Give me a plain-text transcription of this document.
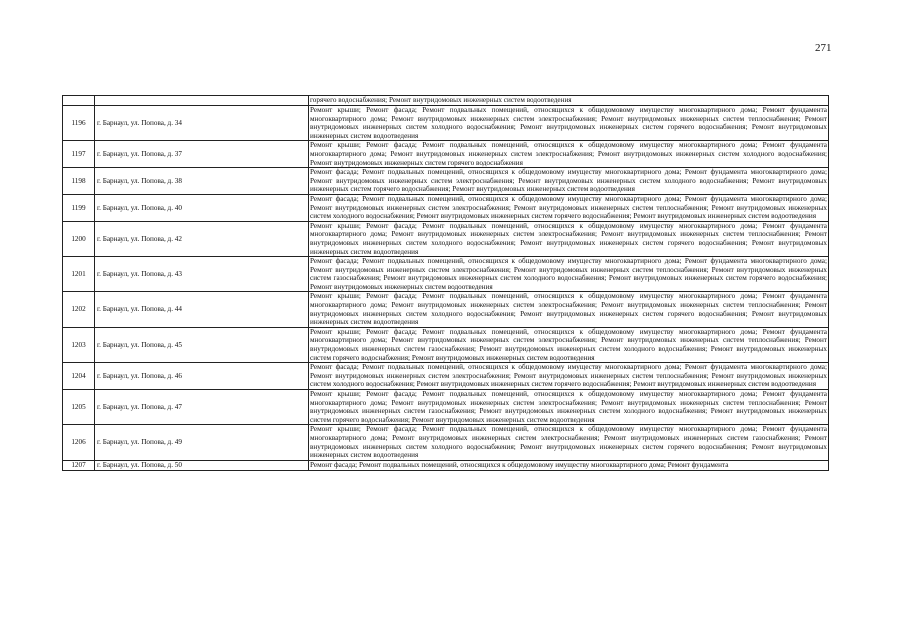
271
		горячего водоснабжения; Ремонт внутридомовых инженерных систем водоотведения
1196	г. Барнаул, ул. Попова, д. 34	Ремонт крыши; Ремонт фасада; Ремонт подвальных помещений, относящихся к общедомовому имуществу многоквартирного дома; Ремонт фундамента многоквартирного дома; Ремонт внутридомовых инженерных систем электроснабжения; Ремонт внутридомовых инженерных систем теплоснабжения; Ремонт внутридомовых инженерных систем холодного водоснабжения; Ремонт внутридомовых инженерных систем горячего водоснабжения; Ремонт внутридомовых инженерных систем водоотведения
1197	г. Барнаул, ул. Попова, д. 37	Ремонт крыши; Ремонт фасада; Ремонт подвальных помещений, относящихся к общедомовому имуществу многоквартирного дома; Ремонт фундамента многоквартирного дома; Ремонт внутридомовых инженерных систем электроснабжения; Ремонт внутридомовых инженерных систем холодного водоснабжения; Ремонт внутридомовых инженерных систем горячего водоснабжения
1198	г. Барнаул, ул. Попова, д. 38	Ремонт фасада; Ремонт подвальных помещений, относящихся к общедомовому имуществу многоквартирного дома; Ремонт фундамента многоквартирного дома; Ремонт внутридомовых инженерных систем электроснабжения; Ремонт внутридомовых инженерных систем холодного водоснабжения; Ремонт внутридомовых инженерных систем горячего водоснабжения; Ремонт внутридомовых инженерных систем водоотведения
1199	г. Барнаул, ул. Попова, д. 40	Ремонт фасада; Ремонт подвальных помещений, относящихся к общедомовому имуществу многоквартирного дома; Ремонт фундамента многоквартирного дома; Ремонт внутридомовых инженерных систем электроснабжения; Ремонт внутридомовых инженерных систем теплоснабжения; Ремонт внутридомовых инженерных систем холодного водоснабжения; Ремонт внутридомовых инженерных систем горячего водоснабжения; Ремонт внутридомовых инженерных систем водоотведения
1200	г. Барнаул, ул. Попова, д. 42	Ремонт крыши; Ремонт фасада; Ремонт подвальных помещений, относящихся к общедомовому имуществу многоквартирного дома; Ремонт фундамента многоквартирного дома; Ремонт внутридомовых инженерных систем электроснабжения; Ремонт внутридомовых инженерных систем теплоснабжения; Ремонт внутридомовых инженерных систем холодного водоснабжения; Ремонт внутридомовых инженерных систем горячего водоснабжения; Ремонт внутридомовых инженерных систем водоотведения
1201	г. Барнаул, ул. Попова, д. 43	Ремонт фасада; Ремонт подвальных помещений, относящихся к общедомовому имуществу многоквартирного дома; Ремонт фундамента многоквартирного дома; Ремонт внутридомовых инженерных систем электроснабжения; Ремонт внутридомовых инженерных систем теплоснабжения; Ремонт внутридомовых инженерных систем газоснабжения; Ремонт внутридомовых инженерных систем холодного водоснабжения; Ремонт внутридомовых инженерных систем горячего водоснабжения; Ремонт внутридомовых инженерных систем водоотведения
1202	г. Барнаул, ул. Попова, д. 44	Ремонт крыши; Ремонт фасада; Ремонт подвальных помещений, относящихся к общедомовому имуществу многоквартирного дома; Ремонт фундамента многоквартирного дома; Ремонт внутридомовых инженерных систем электроснабжения; Ремонт внутридомовых инженерных систем теплоснабжения; Ремонт внутридомовых инженерных систем холодного водоснабжения; Ремонт внутридомовых инженерных систем горячего водоснабжения; Ремонт внутридомовых инженерных систем водоотведения
1203	г. Барнаул, ул. Попова, д. 45	Ремонт крыши; Ремонт фасада; Ремонт подвальных помещений, относящихся к общедомовому имуществу многоквартирного дома; Ремонт фундамента многоквартирного дома; Ремонт внутридомовых инженерных систем электроснабжения; Ремонт внутридомовых инженерных систем теплоснабжения; Ремонт внутридомовых инженерных систем газоснабжения; Ремонт внутридомовых инженерных систем холодного водоснабжения; Ремонт внутридомовых инженерных систем горячего водоснабжения; Ремонт внутридомовых инженерных систем водоотведения
1204	г. Барнаул, ул. Попова, д. 46	Ремонт фасада; Ремонт подвальных помещений, относящихся к общедомовому имуществу многоквартирного дома; Ремонт фундамента многоквартирного дома; Ремонт внутридомовых инженерных систем электроснабжения; Ремонт внутридомовых инженерных систем теплоснабжения; Ремонт внутридомовых инженерных систем холодного водоснабжения; Ремонт внутридомовых инженерных систем горячего водоснабжения; Ремонт внутридомовых инженерных систем водоотведения
1205	г. Барнаул, ул. Попова, д. 47	Ремонт крыши; Ремонт фасада; Ремонт подвальных помещений, относящихся к общедомовому имуществу многоквартирного дома; Ремонт фундамента многоквартирного дома; Ремонт внутридомовых инженерных систем электроснабжения; Ремонт внутридомовых инженерных систем теплоснабжения; Ремонт внутридомовых инженерных систем газоснабжения; Ремонт внутридомовых инженерных систем холодного водоснабжения; Ремонт внутридомовых инженерных систем горячего водоснабжения; Ремонт внутридомовых инженерных систем водоотведения
1206	г. Барнаул, ул. Попова, д. 49	Ремонт крыши; Ремонт фасада; Ремонт подвальных помещений, относящихся к общедомовому имуществу многоквартирного дома; Ремонт фундамента многоквартирного дома; Ремонт внутридомовых инженерных систем электроснабжения; Ремонт внутридомовых инженерных систем газоснабжения; Ремонт внутридомовых инженерных систем холодного водоснабжения; Ремонт внутридомовых инженерных систем горячего водоснабжения; Ремонт внутридомовых инженерных систем водоотведения
1207	г. Барнаул, ул. Попова, д. 50	Ремонт фасада; Ремонт подвальных помещений, относящихся к общедомовому имуществу многоквартирного дома; Ремонт фундамента
